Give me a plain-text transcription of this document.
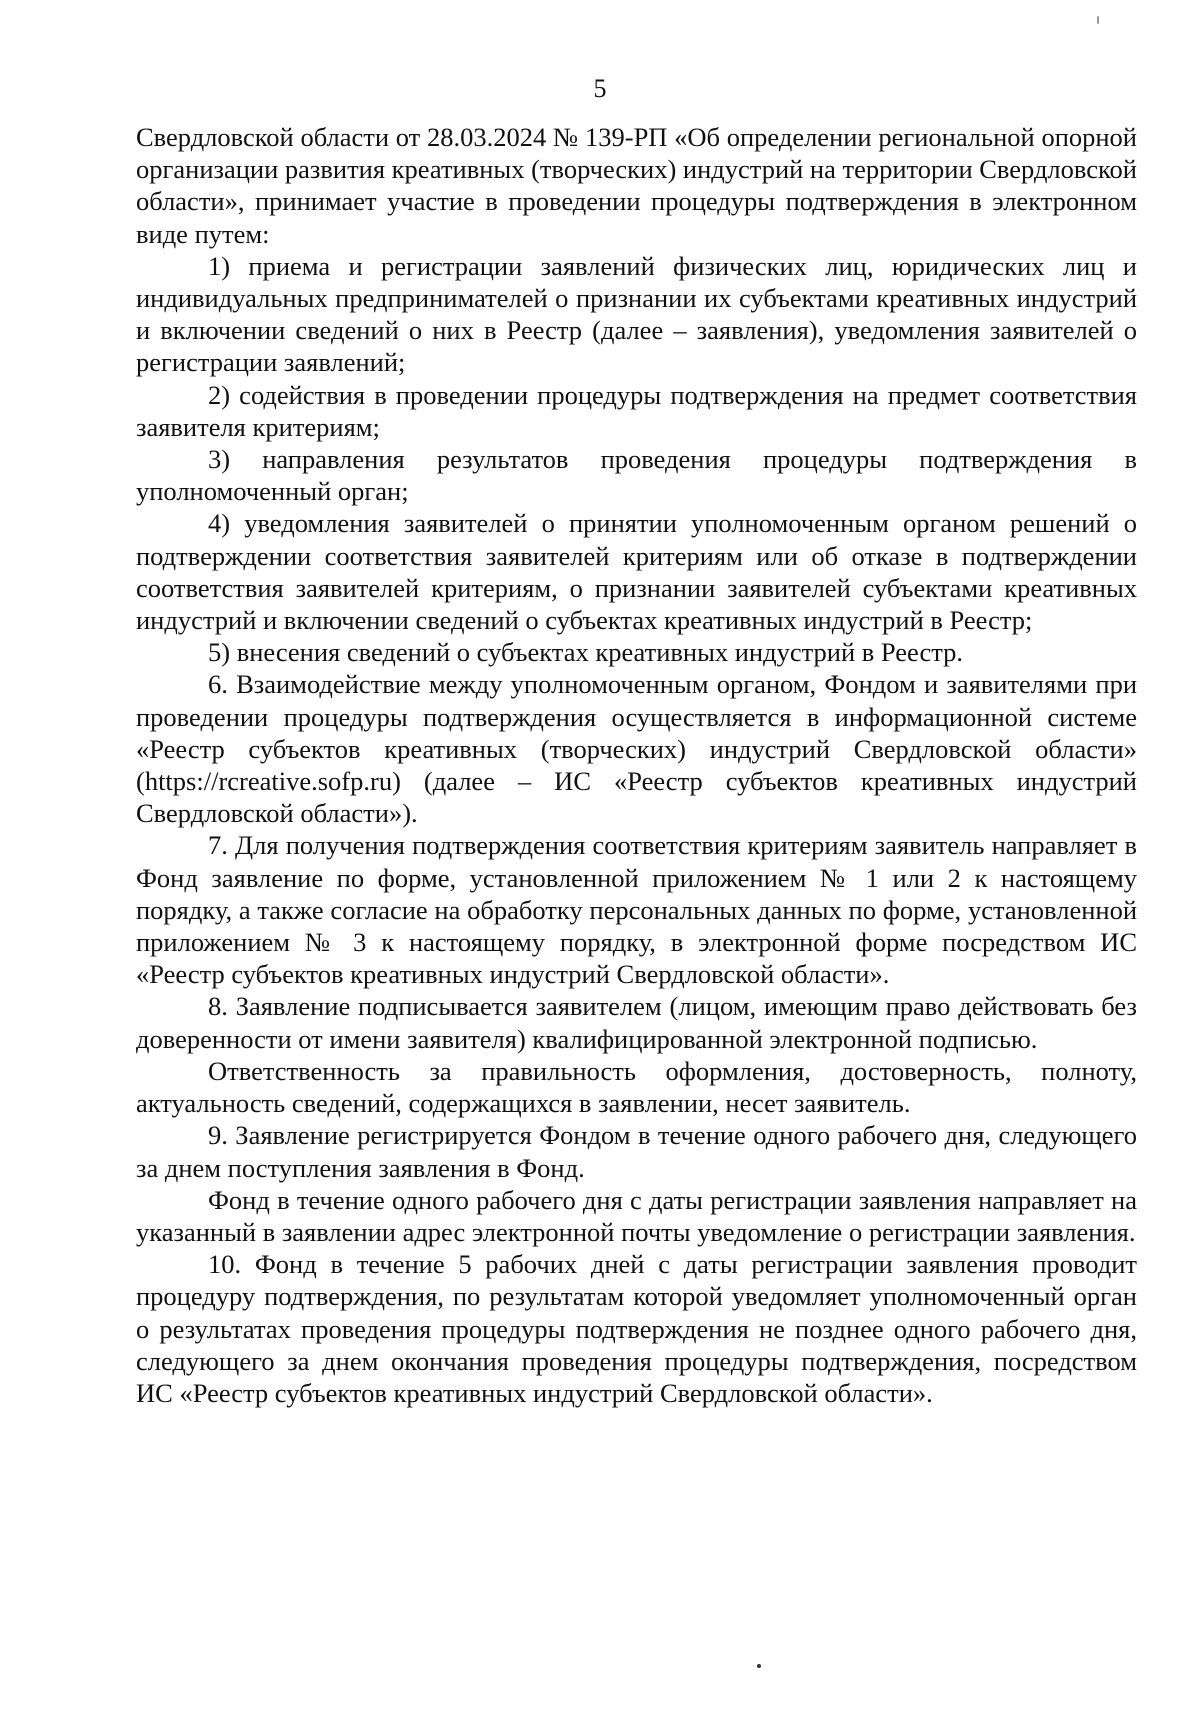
5

Свердловской области от 28.03.2024 № 139-РП «Об определении региональной опорной организации развития креативных (творческих) индустрий на территории Свердловской области», принимает участие в проведении процедуры подтверждения в электронном виде путем:

1) приема и регистрации заявлений физических лиц, юридических лиц и индивидуальных предпринимателей о признании их субъектами креативных индустрий и включении сведений о них в Реестр (далее – заявления), уведомления заявителей о регистрации заявлений;

2) содействия в проведении процедуры подтверждения на предмет соответствия заявителя критериям;

3) направления результатов проведения процедуры подтверждения в уполномоченный орган;

4) уведомления заявителей о принятии уполномоченным органом решений о подтверждении соответствия заявителей критериям или об отказе в подтверждении соответствия заявителей критериям, о признании заявителей субъектами креативных индустрий и включении сведений о субъектах креативных индустрий в Реестр;

5) внесения сведений о субъектах креативных индустрий в Реестр.

6. Взаимодействие между уполномоченным органом, Фондом и заявителями при проведении процедуры подтверждения осуществляется в информационной системе «Реестр субъектов креативных (творческих) индустрий Свердловской области» (https://rcreative.sofp.ru) (далее – ИС «Реестр субъектов креативных индустрий Свердловской области»).

7. Для получения подтверждения соответствия критериям заявитель направляет в Фонд заявление по форме, установленной приложением № 1 или 2 к настоящему порядку, а также согласие на обработку персональных данных по форме, установленной приложением № 3 к настоящему порядку, в электронной форме посредством ИС «Реестр субъектов креативных индустрий Свердловской области».

8. Заявление подписывается заявителем (лицом, имеющим право действовать без доверенности от имени заявителя) квалифицированной электронной подписью.

Ответственность за правильность оформления, достоверность, полноту, актуальность сведений, содержащихся в заявлении, несет заявитель.

9. Заявление регистрируется Фондом в течение одного рабочего дня, следующего за днем поступления заявления в Фонд.

Фонд в течение одного рабочего дня с даты регистрации заявления направляет на указанный в заявлении адрес электронной почты уведомление о регистрации заявления.

10. Фонд в течение 5 рабочих дней с даты регистрации заявления проводит процедуру подтверждения, по результатам которой уведомляет уполномоченный орган о результатах проведения процедуры подтверждения не позднее одного рабочего дня, следующего за днем окончания проведения процедуры подтверждения, посредством ИС «Реестр субъектов креативных индустрий Свердловской области».
